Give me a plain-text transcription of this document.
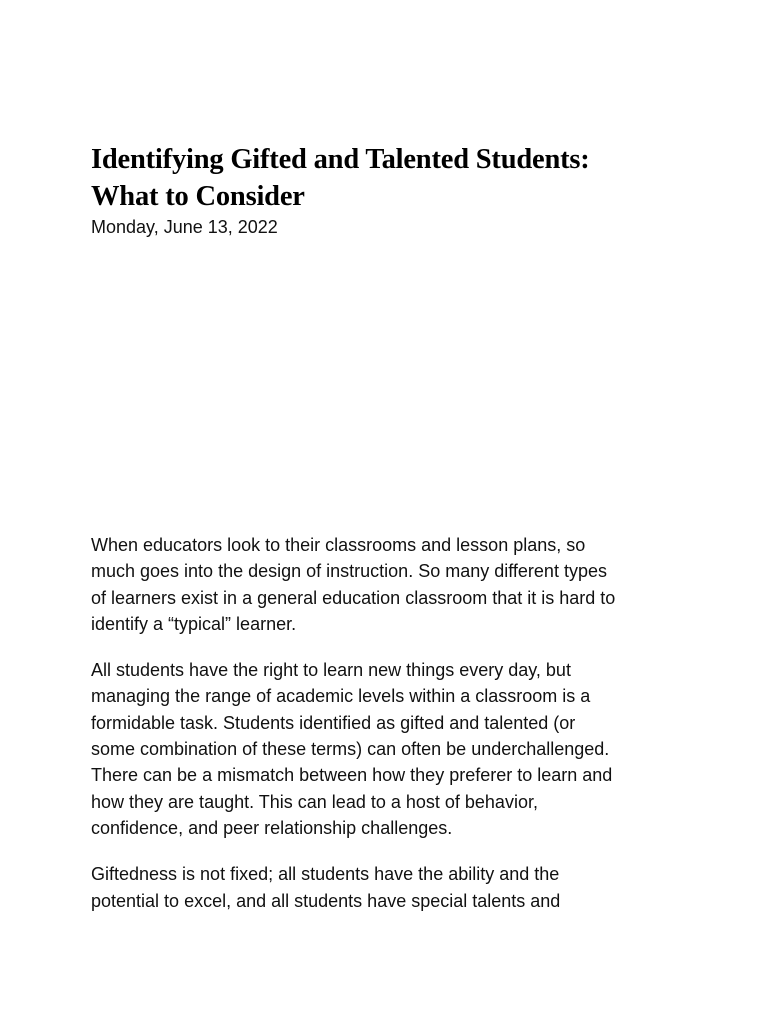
Identifying Gifted and Talented Students:
What to Consider

Monday, June 13, 2022

When educators look to their classrooms and lesson plans, so
much goes into the design of instruction. So many different types
of learners exist in a general education classroom that it is hard to
identify a “typical” learner.

All students have the right to learn new things every day, but
managing the range of academic levels within a classroom is a
formidable task. Students identified as gifted and talented (or
some combination of these terms) can often be underchallenged.
There can be a mismatch between how they preferer to learn and
how they are taught. This can lead to a host of behavior,
confidence, and peer relationship challenges.

Giftedness is not fixed; all students have the ability and the
potential to excel, and all students have special talents and
